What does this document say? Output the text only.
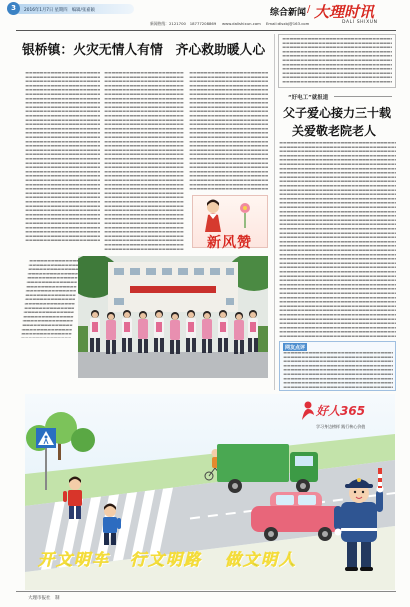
3	2016年1月7日 星期四　编辑/张嘉颖
新闻热线：2121700　18777208869 www.dalishixun.com Email:dlsxbj@163.com
综合新闻 / 大理时讯
DALI SHIXUN
银桥镇：火灾无情人有情　齐心救助暖人心
新风赞
“好电工”就报道
父子爱心接力三十载
关爱敬老院老人
网友点评
好人365
学习身边榜样 践行核心价值
开文明车 行文明路 做文明人
大理市报社　制
